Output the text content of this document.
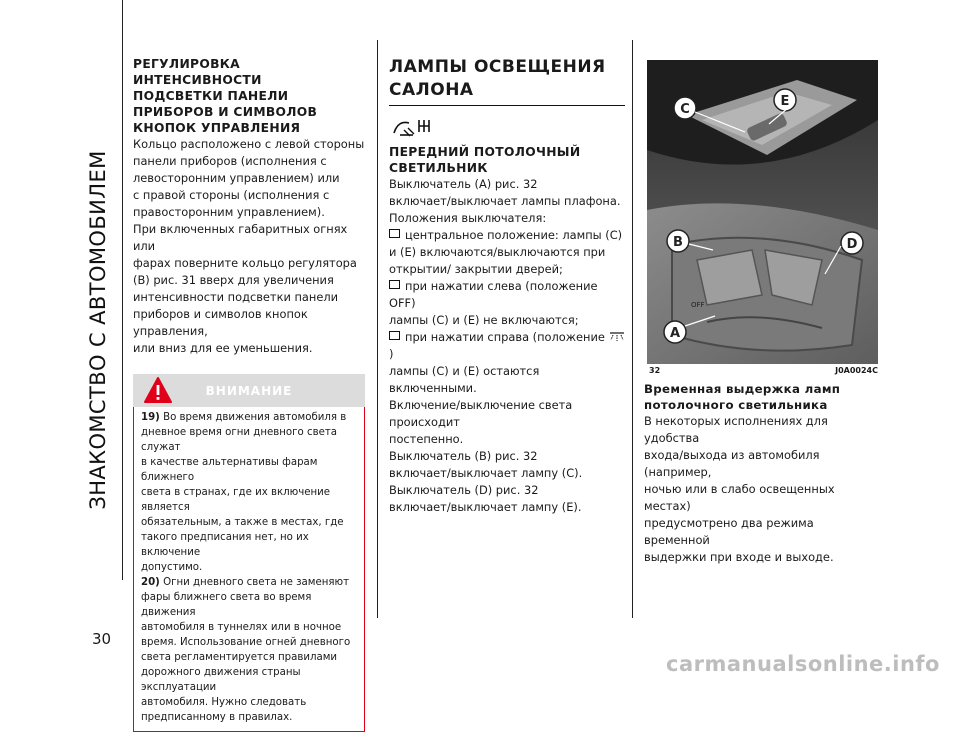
ЗНАКОМСТВО С АВТОМОБИЛЕМ
30

РЕГУЛИРОВКА

ИНТЕНСИВНОСТИ

ПОДСВЕТКИ ПАНЕЛИ

ПРИБОРОВ И СИМВОЛОВ

КНОПОК УПРАВЛЕНИЯ

Кольцо расположено с левой стороны

панели приборов (исполнения с

левосторонним управлением) или

с правой стороны (исполнения с

правосторонним управлением).

При включенных габаритных огнях или

фарах поверните кольцо регулятора

(B) рис. 31 вверх для увеличения

интенсивности подсветки панели

приборов и символов кнопок управления,

или вниз для ее уменьшения.

ВНИМАНИЕ

19) Во время движения автомобиля в

дневное время огни дневного света служат

в качестве альтернативы фарам ближнего

света в странах, где их включение является

обязательным, а также в местах, где

такого предписания нет, но их включение

допустимо.

20) Огни дневного света не заменяют

фары ближнего света во время движения

автомобиля в туннелях или в ночное

время. Использование огней дневного

света регламентируется правилами

дорожного движения страны эксплуатации

автомобиля. Нужно следовать

предписанному в правилах.

ЛАМПЫ ОСВЕЩЕНИЯ

САЛОНА

ПЕРЕДНИЙ ПОТОЛОЧНЫЙ

СВЕТИЛЬНИК

Выключатель (A) рис. 32

включает/выключает лампы плафона.

Положения выключателя:

центральное положение: лампы (C)

и (E) включаются/выключаются при

открытии/ закрытии дверей;

при нажатии слева (положение OFF)

лампы (C) и (E) не включаются;

при нажатии справа (положение )

лампы (C) и (E) остаются включенными.

Включение/выключение света происходит

постепенно.

Выключатель (B) рис. 32

включает/выключает лампу (C).

Выключатель (D) рис. 32

включает/выключает лампу (E).

OFF
C
E
B	D
A
32	J0A0024C

Временная выдержка ламп

потолочного светильника

В некоторых исполнениях для удобства

входа/выхода из автомобиля (например,

ночью или в слабо освещенных местах)

предусмотрено два режима временной

выдержки при входе и выходе.

carmanualsonline.info
